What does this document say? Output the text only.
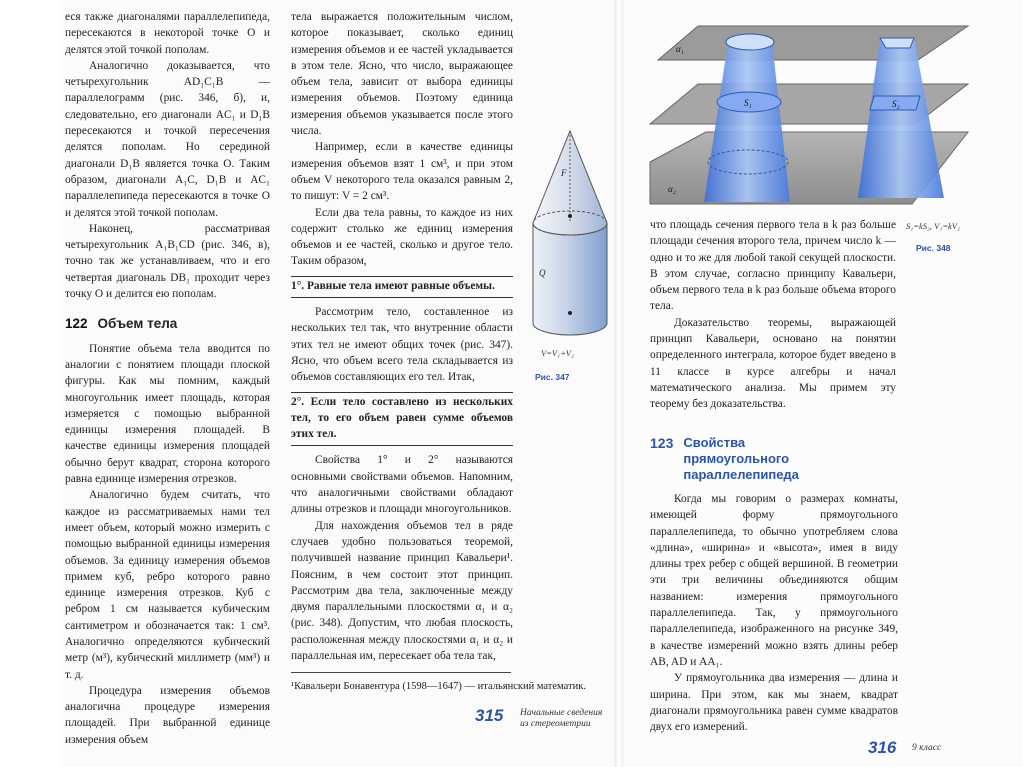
еся также диагоналями параллелепипеда, пересекаются в некоторой точке O и делятся этой точкой пополам.

Аналогично доказывается, что четырехугольник AD₁C₁B — параллелограмм (рис. 346, б), и, следовательно, его диагонали AC₁ и D₁B пересекаются и точкой пересечения делятся пополам. Но серединой диагонали D₁B является точка O. Таким образом, диагонали A₁C, D₁B и AC₁ параллелепипеда пересекаются в точке O и делятся этой точкой пополам.

Наконец, рассматривая четырехугольник A₁B₁CD (рис. 346, в), точно так же устанавливаем, что и его четвертая диагональ DB₁ проходит через точку O и делится ею пополам.

122 Объем тела

Понятие объема тела вводится по аналогии с понятием площади плоской фигуры. Как мы помним, каждый многоугольник имеет площадь, которая измеряется с помощью выбранной единицы измерения площадей. В качестве единицы измерения площадей обычно берут квадрат, сторона которого равна единице измерения отрезков.

Аналогично будем считать, что каждое из рассматриваемых нами тел имеет объем, который можно измерить с помощью выбранной единицы измерения объемов. За единицу измерения объемов примем куб, ребро которого равно единице измерения отрезков. Куб с ребром 1 см называется кубическим сантиметром и обозначается так: 1 см³. Аналогично определяются кубический метр (м³), кубический миллиметр (мм³) и т. д.

Процедура измерения объемов аналогична процедуре измерения площадей. При выбранной единице измерения объем

тела выражается положительным числом, которое показывает, сколько единиц измерения объемов и ее частей укладывается в этом теле. Ясно, что число, выражающее объем тела, зависит от выбора единицы измерения объемов. Поэтому единица измерения объемов указывается после этого числа.

Например, если в качестве единицы измерения объемов взят 1 см³, и при этом объем V некоторого тела оказался равным 2, то пишут: V = 2 см³.

Если два тела равны, то каждое из них содержит столько же единиц измерения объемов и ее частей, сколько и другое тело. Таким образом,

1°. Равные тела имеют равные объемы.

Рассмотрим тело, составленное из нескольких тел так, что внутренние области этих тел не имеют общих точек (рис. 347). Ясно, что объем всего тела складывается из объемов составляющих его тел. Итак,

2°. Если тело составлено из нескольких тел, то его объем равен сумме объемов этих тел.

Свойства 1° и 2° называются основными свойствами объемов. Напомним, что аналогичными свойствами обладают длины отрезков и площади многоугольников.

Для нахождения объемов тел в ряде случаев удобно пользоваться теоремой, получившей название принцип Кавальери¹. Поясним, в чем состоит этот принцип. Рассмотрим два тела, заключенные между двумя параллельными плоскостями α₁ и α₂ (рис. 348). Допустим, что любая плоскость, расположенная между плоскостями α₁ и α₂ и параллельная им, пересекает оба тела так,

¹Кавальери Бонавентура (1598—1647) — итальянский математик.
315 Начальные сведения из стереометрии
F
Q
V=V₁+V₂
Рис. 347
S₁	S₂
α₁
α₂
S₁=kS₂, V₁=kV₂
Рис. 348

что площадь сечения первого тела в k раз больше площади сечения второго тела, причем число k — одно и то же для любой такой секущей плоскости. В этом случае, согласно принципу Кавальери, объем первого тела в k раз больше объема второго тела.

Доказательство теоремы, выражающей принцип Кавальери, основано на понятии определенного интеграла, которое будет введено в 11 классе в курсе алгебры и начал математического анализа. Мы примем эту теорему без доказательства.

123 Свойства прямоугольного параллелепипеда

Когда мы говорим о размерах комнаты, имеющей форму прямоугольного параллелепипеда, то обычно употребляем слова «длина», «ширина» и «высота», имея в виду длины трех ребер с общей вершиной. В геометрии эти три величины объединяются общим названием: измерения прямоугольного параллелепипеда. Так, у прямоугольного параллелепипеда, изображенного на рисунке 349, в качестве измерений можно взять длины ребер AB, AD и AA₁.

У прямоугольника два измерения — длина и ширина. При этом, как мы знаем, квадрат диагонали прямоугольника равен сумме квадратов двух его измерений.

316 9 класс
